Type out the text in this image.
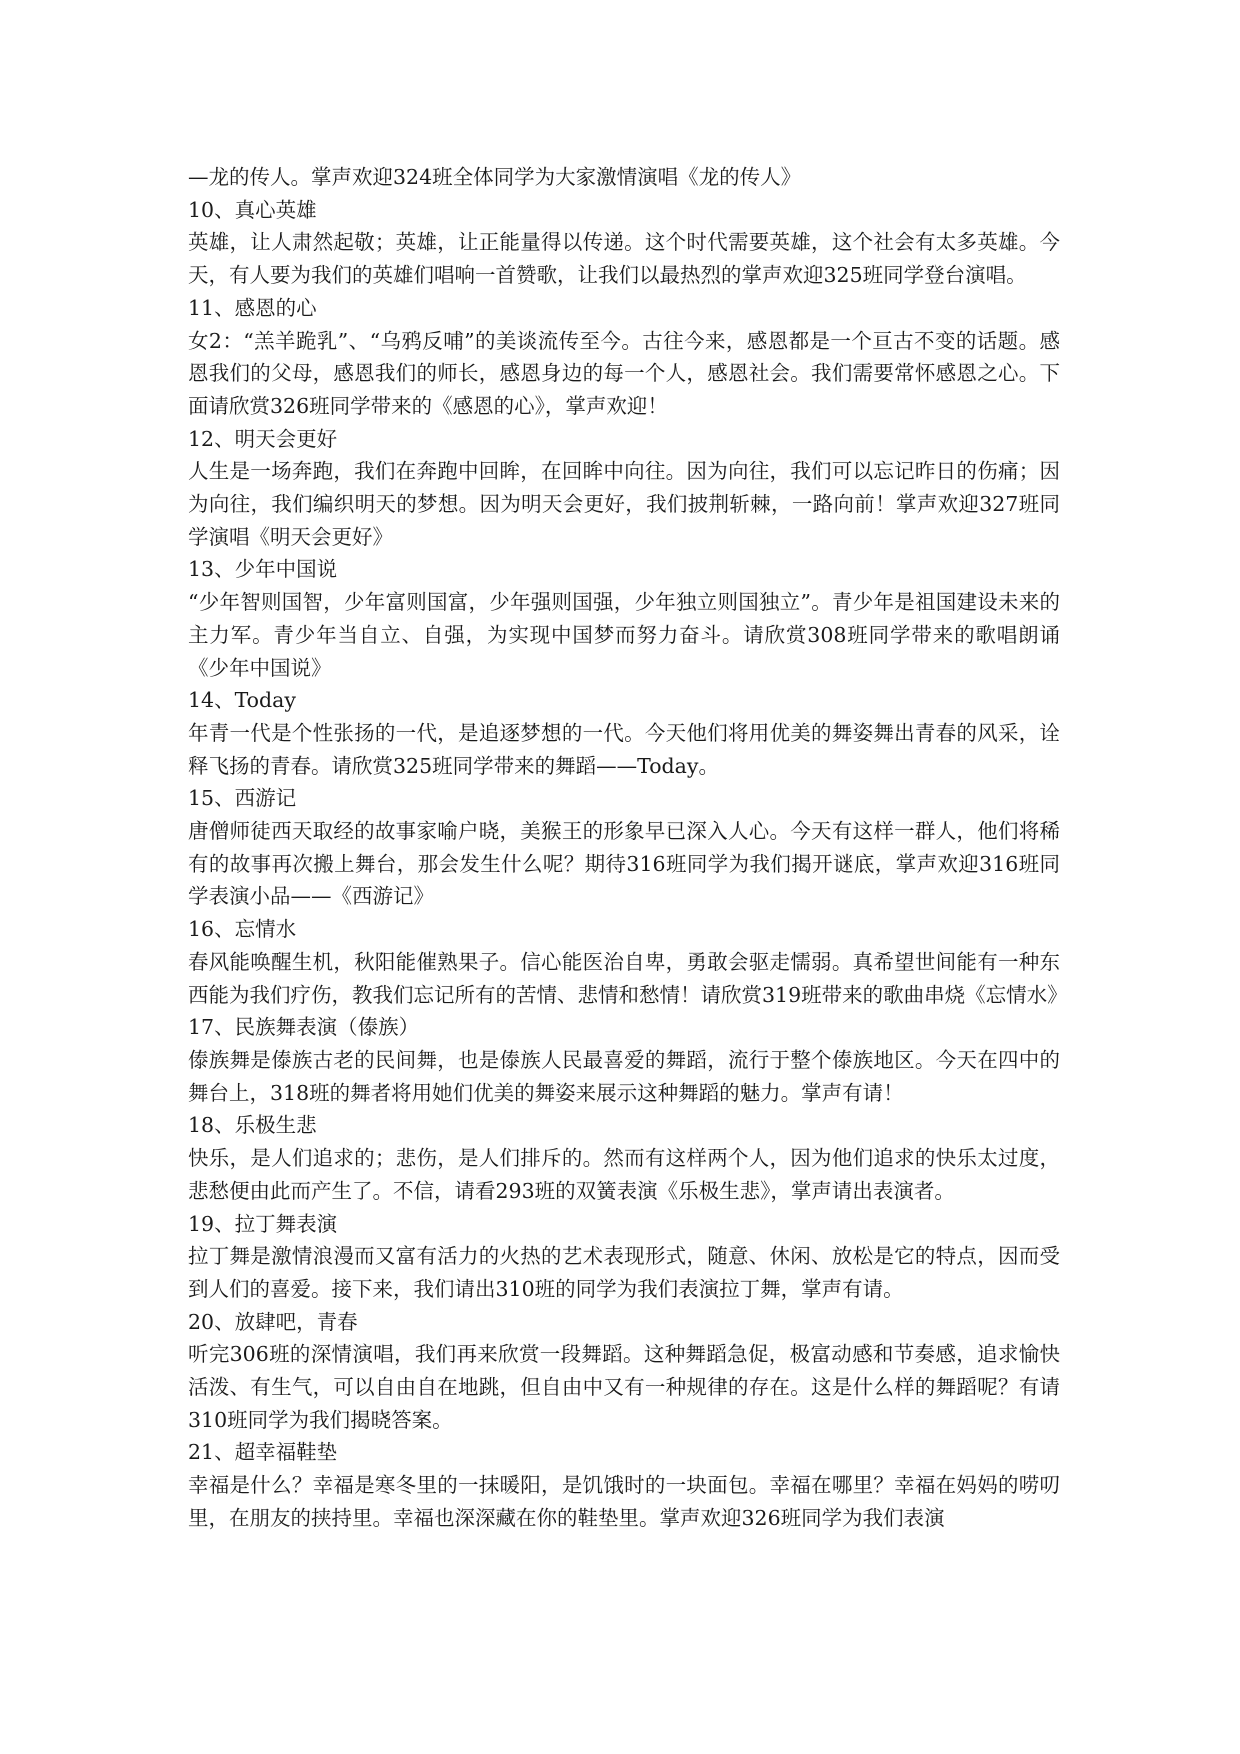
—龙的传人。掌声欢迎324班全体同学为大家激情演唱《龙的传人》

10、真心英雄

英雄，让人肃然起敬；英雄，让正能量得以传递。这个时代需要英雄，这个社会有太多英雄。今天，有人要为我们的英雄们唱响一首赞歌，让我们以最热烈的掌声欢迎325班同学登台演唱。

11、感恩的心

女2：“羔羊跪乳”、“乌鸦反哺”的美谈流传至今。古往今来，感恩都是一个亘古不变的话题。感恩我们的父母，感恩我们的师长，感恩身边的每一个人，感恩社会。我们需要常怀感恩之心。下面请欣赏326班同学带来的《感恩的心》，掌声欢迎！

12、明天会更好

人生是一场奔跑，我们在奔跑中回眸，在回眸中向往。因为向往，我们可以忘记昨日的伤痛；因为向往，我们编织明天的梦想。因为明天会更好，我们披荆斩棘，一路向前！掌声欢迎327班同学演唱《明天会更好》

13、少年中国说

“少年智则国智，少年富则国富，少年强则国强，少年独立则国独立”。青少年是祖国建设未来的主力军。青少年当自立、自强，为实现中国梦而努力奋斗。请欣赏308班同学带来的歌唱朗诵《少年中国说》

14、Today

年青一代是个性张扬的一代，是追逐梦想的一代。今天他们将用优美的舞姿舞出青春的风采，诠释飞扬的青春。请欣赏325班同学带来的舞蹈——Today。

15、西游记

唐僧师徒西天取经的故事家喻户晓，美猴王的形象早已深入人心。今天有这样一群人，他们将稀有的故事再次搬上舞台，那会发生什么呢？期待316班同学为我们揭开谜底，掌声欢迎316班同学表演小品——《西游记》

16、忘情水

春风能唤醒生机，秋阳能催熟果子。信心能医治自卑，勇敢会驱走懦弱。真希望世间能有一种东西能为我们疗伤，教我们忘记所有的苦情、悲情和愁情！请欣赏319班带来的歌曲串烧《忘情水》

17、民族舞表演（傣族）

傣族舞是傣族古老的民间舞，也是傣族人民最喜爱的舞蹈，流行于整个傣族地区。今天在四中的舞台上，318班的舞者将用她们优美的舞姿来展示这种舞蹈的魅力。掌声有请！

18、乐极生悲

快乐，是人们追求的；悲伤，是人们排斥的。然而有这样两个人，因为他们追求的快乐太过度，悲愁便由此而产生了。不信，请看293班的双簧表演《乐极生悲》，掌声请出表演者。

19、拉丁舞表演

拉丁舞是激情浪漫而又富有活力的火热的艺术表现形式，随意、休闲、放松是它的特点，因而受到人们的喜爱。接下来，我们请出310班的同学为我们表演拉丁舞，掌声有请。

20、放肆吧，青春

听完306班的深情演唱，我们再来欣赏一段舞蹈。这种舞蹈急促，极富动感和节奏感，追求愉快活泼、有生气，可以自由自在地跳，但自由中又有一种规律的存在。这是什么样的舞蹈呢？有请310班同学为我们揭晓答案。

21、超幸福鞋垫

幸福是什么？幸福是寒冬里的一抹暖阳，是饥饿时的一块面包。幸福在哪里？幸福在妈妈的唠叨里，在朋友的挟持里。幸福也深深藏在你的鞋垫里。掌声欢迎326班同学为我们表演
